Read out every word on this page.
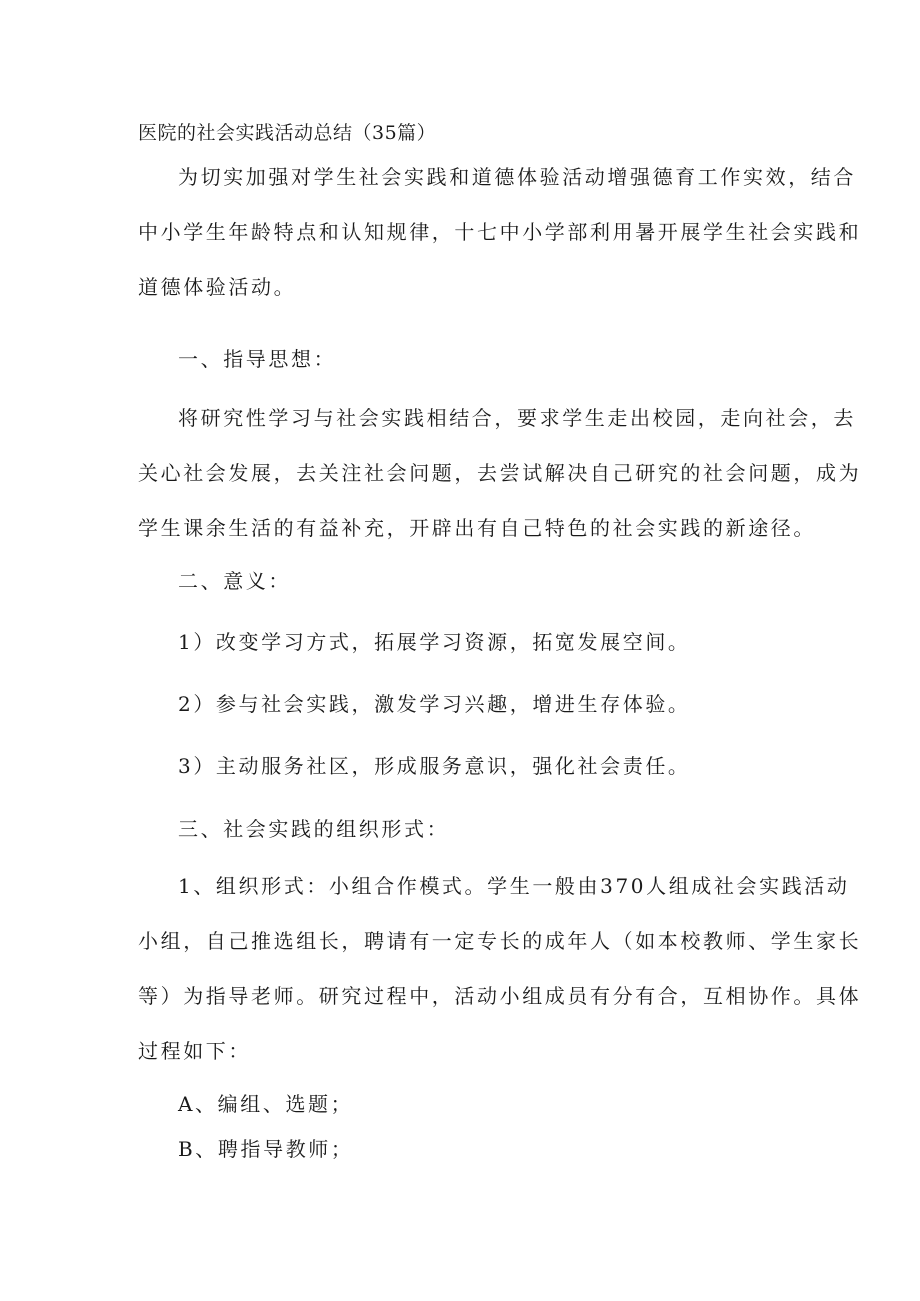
医院的社会实践活动总结（35篇）
为切实加强对学生社会实践和道德体验活动增强德育工作实效，结合
中小学生年龄特点和认知规律，十七中小学部利用暑开展学生社会实践和
道德体验活动。
一、指导思想：
将研究性学习与社会实践相结合，要求学生走出校园，走向社会，去
关心社会发展，去关注社会问题，去尝试解决自己研究的社会问题，成为
学生课余生活的有益补充，开辟出有自己特色的社会实践的新途径。
二、意义：
1）改变学习方式，拓展学习资源，拓宽发展空间。
2）参与社会实践，激发学习兴趣，增进生存体验。
3）主动服务社区，形成服务意识，强化社会责任。
三、社会实践的组织形式：
1、组织形式：小组合作模式。学生一般由370人组成社会实践活动
小组，自己推选组长，聘请有一定专长的成年人（如本校教师、学生家长
等）为指导老师。研究过程中，活动小组成员有分有合，互相协作。具体
过程如下：
A、编组、选题；
B、聘指导教师；
